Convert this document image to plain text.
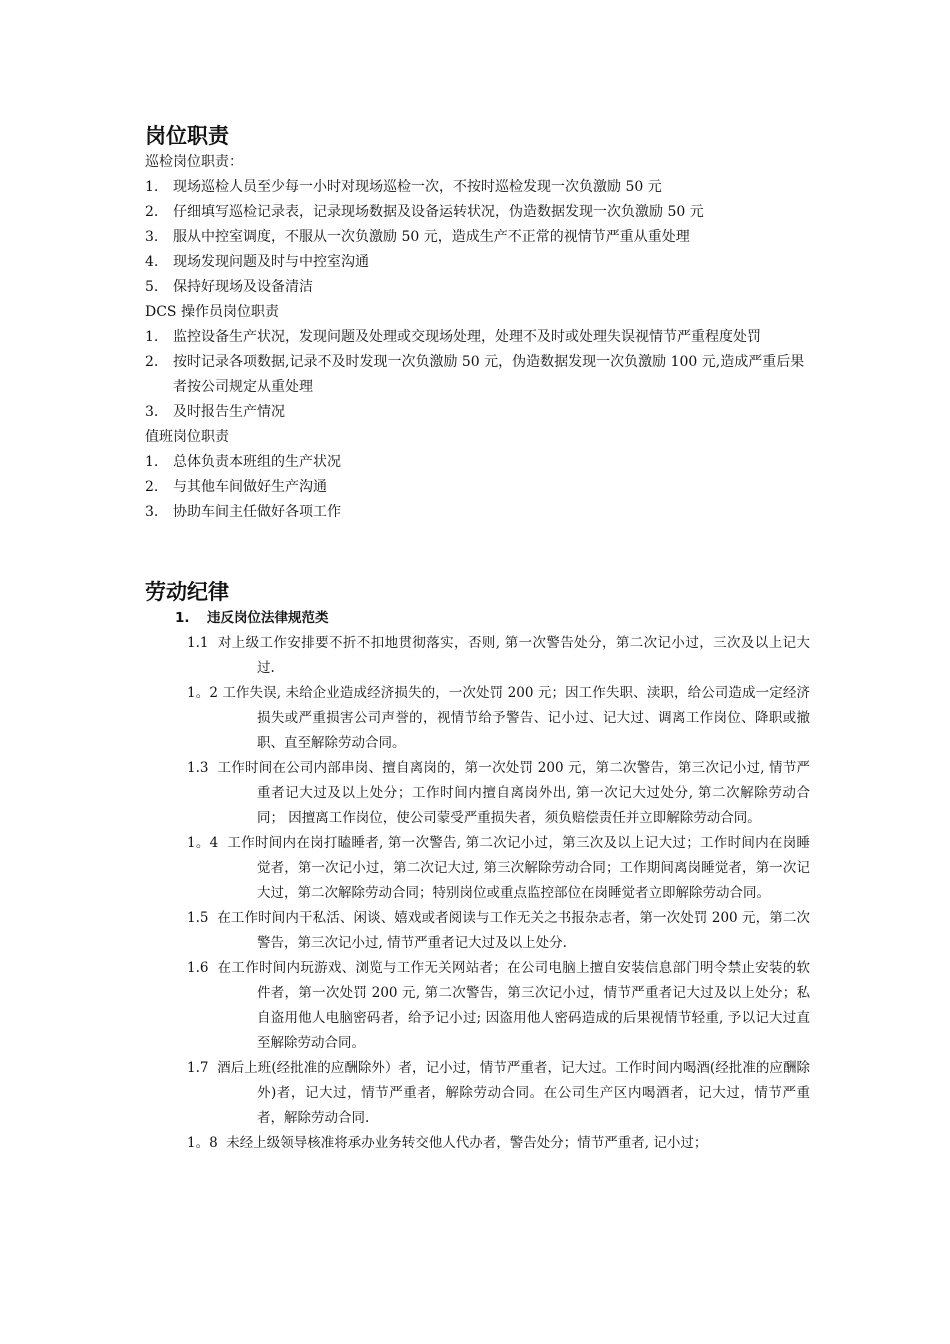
岗位职责
巡检岗位职责：
1.	现场巡检人员至少每一小时对现场巡检一次，不按时巡检发现一次负激励 50 元
2.	仔细填写巡检记录表，记录现场数据及设备运转状况，伪造数据发现一次负激励 50 元
3.	服从中控室调度，不服从一次负激励 50 元，造成生产不正常的视情节严重从重处理
4.	现场发现问题及时与中控室沟通
5.	保持好现场及设备清洁
DCS 操作员岗位职责
1.	监控设备生产状况，发现问题及处理或交现场处理，处理不及时或处理失误视情节严重程度处罚
2.	按时记录各项数据,记录不及时发现一次负激励 50 元，伪造数据发现一次负激励 100 元,造成严重后果者按公司规定从重处理
3.	及时报告生产情况
值班岗位职责
1.	总体负责本班组的生产状况
2.	与其他车间做好生产沟通
3.	协助车间主任做好各项工作
劳动纪律
1. 违反岗位法律规范类
1.1 对上级工作安排要不折不扣地贯彻落实，否则, 第一次警告处分，第二次记小过，三次及以上记大过.
1。2 工作失误, 未给企业造成经济损失的，一次处罚 200 元；因工作失职、渎职，给公司造成一定经济损失或严重损害公司声誉的，视情节给予警告、记小过、记大过、调离工作岗位、降职或撤职、直至解除劳动合同。
1.3 工作时间在公司内部串岗、擅自离岗的，第一次处罚 200 元，第二次警告，第三次记小过, 情节严重者记大过及以上处分；工作时间内擅自离岗外出, 第一次记大过处分, 第二次解除劳动合同； 因擅离工作岗位，使公司蒙受严重损失者，须负赔偿责任并立即解除劳动合同。
1。4 工作时间内在岗打瞌睡者, 第一次警告, 第二次记小过，第三次及以上记大过；工作时间内在岗睡觉者，第一次记小过，第二次记大过, 第三次解除劳动合同；工作期间离岗睡觉者，第一次记大过，第二次解除劳动合同；特别岗位或重点监控部位在岗睡觉者立即解除劳动合同。
1.5 在工作时间内干私活、闲谈、嬉戏或者阅读与工作无关之书报杂志者，第一次处罚 200 元，第二次警告，第三次记小过, 情节严重者记大过及以上处分.
1.6 在工作时间内玩游戏、浏览与工作无关网站者；在公司电脑上擅自安装信息部门明令禁止安装的软件者，第一次处罚 200 元, 第二次警告，第三次记小过，情节严重者记大过及以上处分；私自盗用他人电脑密码者，给予记小过; 因盗用他人密码造成的后果视情节轻重, 予以记大过直至解除劳动合同。
1.7 酒后上班(经批准的应酬除外）者，记小过，情节严重者，记大过。工作时间内喝酒(经批准的应酬除外)者，记大过，情节严重者，解除劳动合同。在公司生产区内喝酒者，记大过，情节严重者，解除劳动合同.
1。8 未经上级领导核准将承办业务转交他人代办者，警告处分；情节严重者, 记小过；
